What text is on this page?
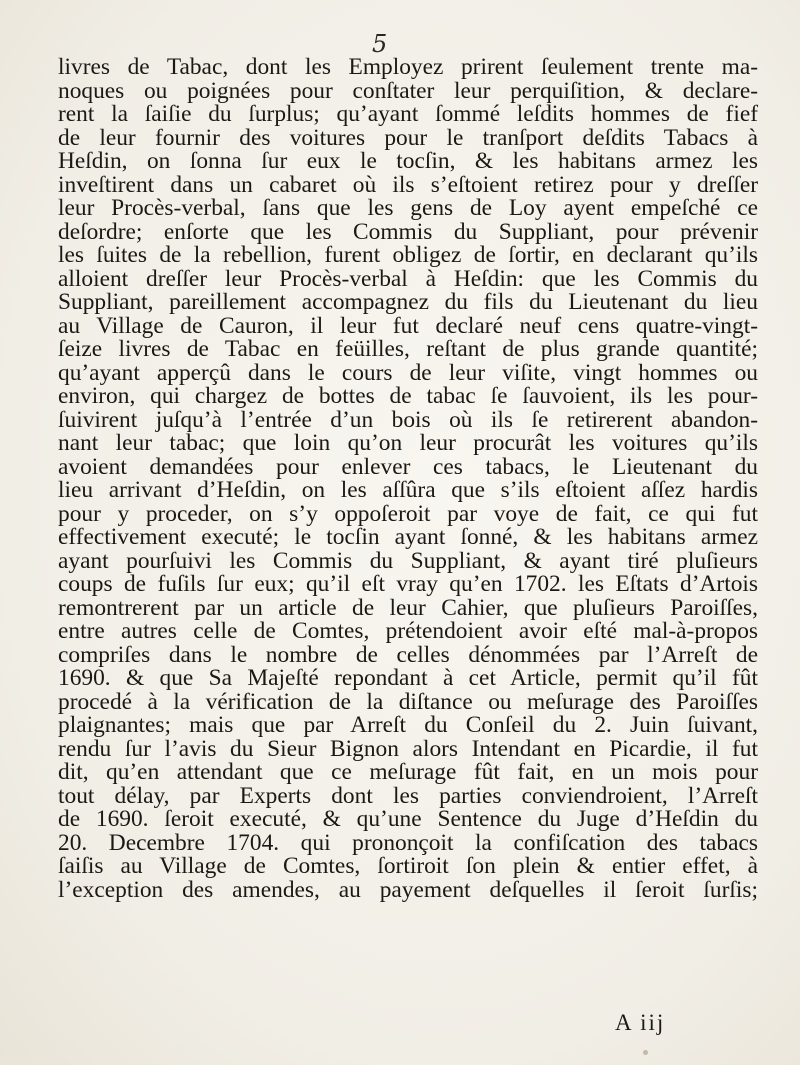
5
livres de Tabac, dont les Employez prirent ſeulement trente ma-
noques ou poignées pour conſtater leur perquiſition, & declare-
rent la ſaiſie du ſurplus; qu’ayant ſommé leſdits hommes de fief
de leur fournir des voitures pour le tranſport deſdits Tabacs à
Heſdin, on ſonna ſur eux le tocſin, & les habitans armez les
inveſtirent dans un cabaret où ils s’eſtoient retirez pour y dreſſer
leur Procès-verbal, ſans que les gens de Loy ayent empeſché ce
deſordre; enſorte que les Commis du Suppliant, pour prévenir
les ſuites de la rebellion, furent obligez de ſortir, en declarant qu’ils
alloient dreſſer leur Procès-verbal à Heſdin: que les Commis du
Suppliant, pareillement accompagnez du fils du Lieutenant du lieu
au Village de Cauron, il leur fut declaré neuf cens quatre-vingt-
ſeize livres de Tabac en feüilles, reſtant de plus grande quantité;
qu’ayant apperçû dans le cours de leur viſite, vingt hommes ou
environ, qui chargez de bottes de tabac ſe ſauvoient, ils les pour-
ſuivirent juſqu’à l’entrée d’un bois où ils ſe retirerent abandon-
nant leur tabac; que loin qu’on leur procurât les voitures qu’ils
avoient demandées pour enlever ces tabacs, le Lieutenant du
lieu arrivant d’Heſdin, on les aſſûra que s’ils eſtoient aſſez hardis
pour y proceder, on s’y oppoſeroit par voye de fait, ce qui fut
effectivement executé; le tocſin ayant ſonné, & les habitans armez
ayant pourſuivi les Commis du Suppliant, & ayant tiré pluſieurs
coups de fuſils ſur eux; qu’il eſt vray qu’en 1702. les Eſtats d’Artois
remontrerent par un article de leur Cahier, que pluſieurs Paroiſſes,
entre autres celle de Comtes, prétendoient avoir eſté mal-à-propos
compriſes dans le nombre de celles dénommées par l’Arreſt de
1690. & que Sa Majeſté repondant à cet Article, permit qu’il fût
procedé à la vérification de la diſtance ou meſurage des Paroiſſes
plaignantes; mais que par Arreſt du Conſeil du 2. Juin ſuivant,
rendu ſur l’avis du Sieur Bignon alors Intendant en Picardie, il fut
dit, qu’en attendant que ce meſurage fût fait, en un mois pour
tout délay, par Experts dont les parties conviendroient, l’Arreſt
de 1690. ſeroit executé, & qu’une Sentence du Juge d’Heſdin du
20. Decembre 1704. qui prononçoit la confiſcation des tabacs
ſaiſis au Village de Comtes, ſortiroit ſon plein & entier effet, à
l’exception des amendes, au payement deſquelles il ſeroit ſurſis;
A iij
